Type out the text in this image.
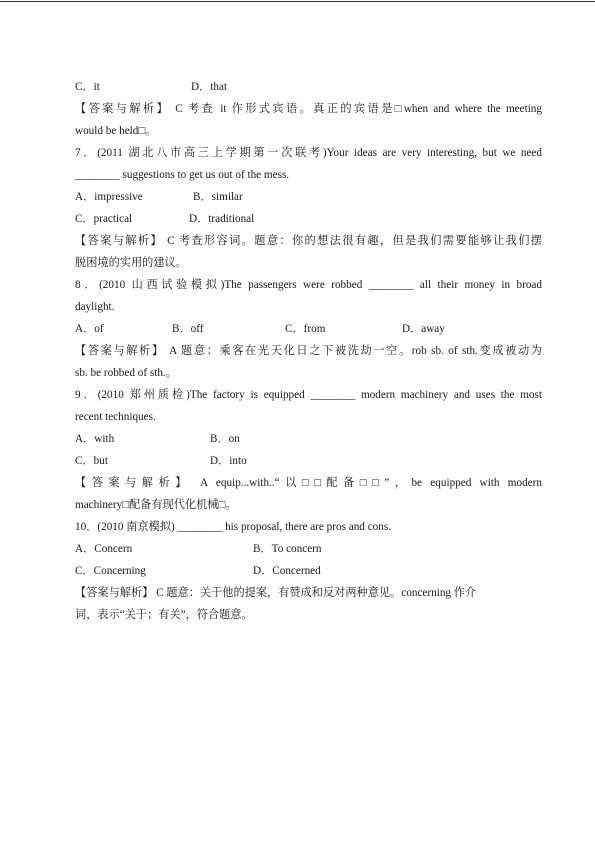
C．it	D．that
【答案与解析】 C 考查 it 作形式宾语。真正的宾语是□when and where the meeting
would be held□。
7．(2011 湖北八市高三上学期第一次联考)Your ideas are very interesting, but we need
________ suggestions to get us out of the mess.
A．impressive	B．similar
C．practical	D．traditional
【答案与解析】 C 考查形容词。题意：你的想法很有趣，但是我们需要能够让我们摆
脱困境的实用的建议。
8．(2010 山西试验模拟)The passengers were robbed ________ all their money in broad
daylight.
A．of	B．off	C．from	D．away
【答案与解析】 A 题意：乘客在光天化日之下被洗劫一空。rob sb. of sth.变成被动为
sb. be robbed of sth.。
9．(2010 郑州质检)The factory is equipped ________ modern machinery and uses the most
recent techniques.
A．with	B．on
C．but	D．into
【答案与解析】 A equip...with..“以□□配备□□”，be equipped with modern
machinery□配备有现代化机械□。
10．(2010 南京模拟) ________ his proposal, there are pros and cons.
A．Concern	B．To concern
C．Concerning	D．Concerned
【答案与解析】 C 题意：关于他的提案，有赞成和反对两种意见。concerning 作介
词，表示“关于；有关”，符合题意。
